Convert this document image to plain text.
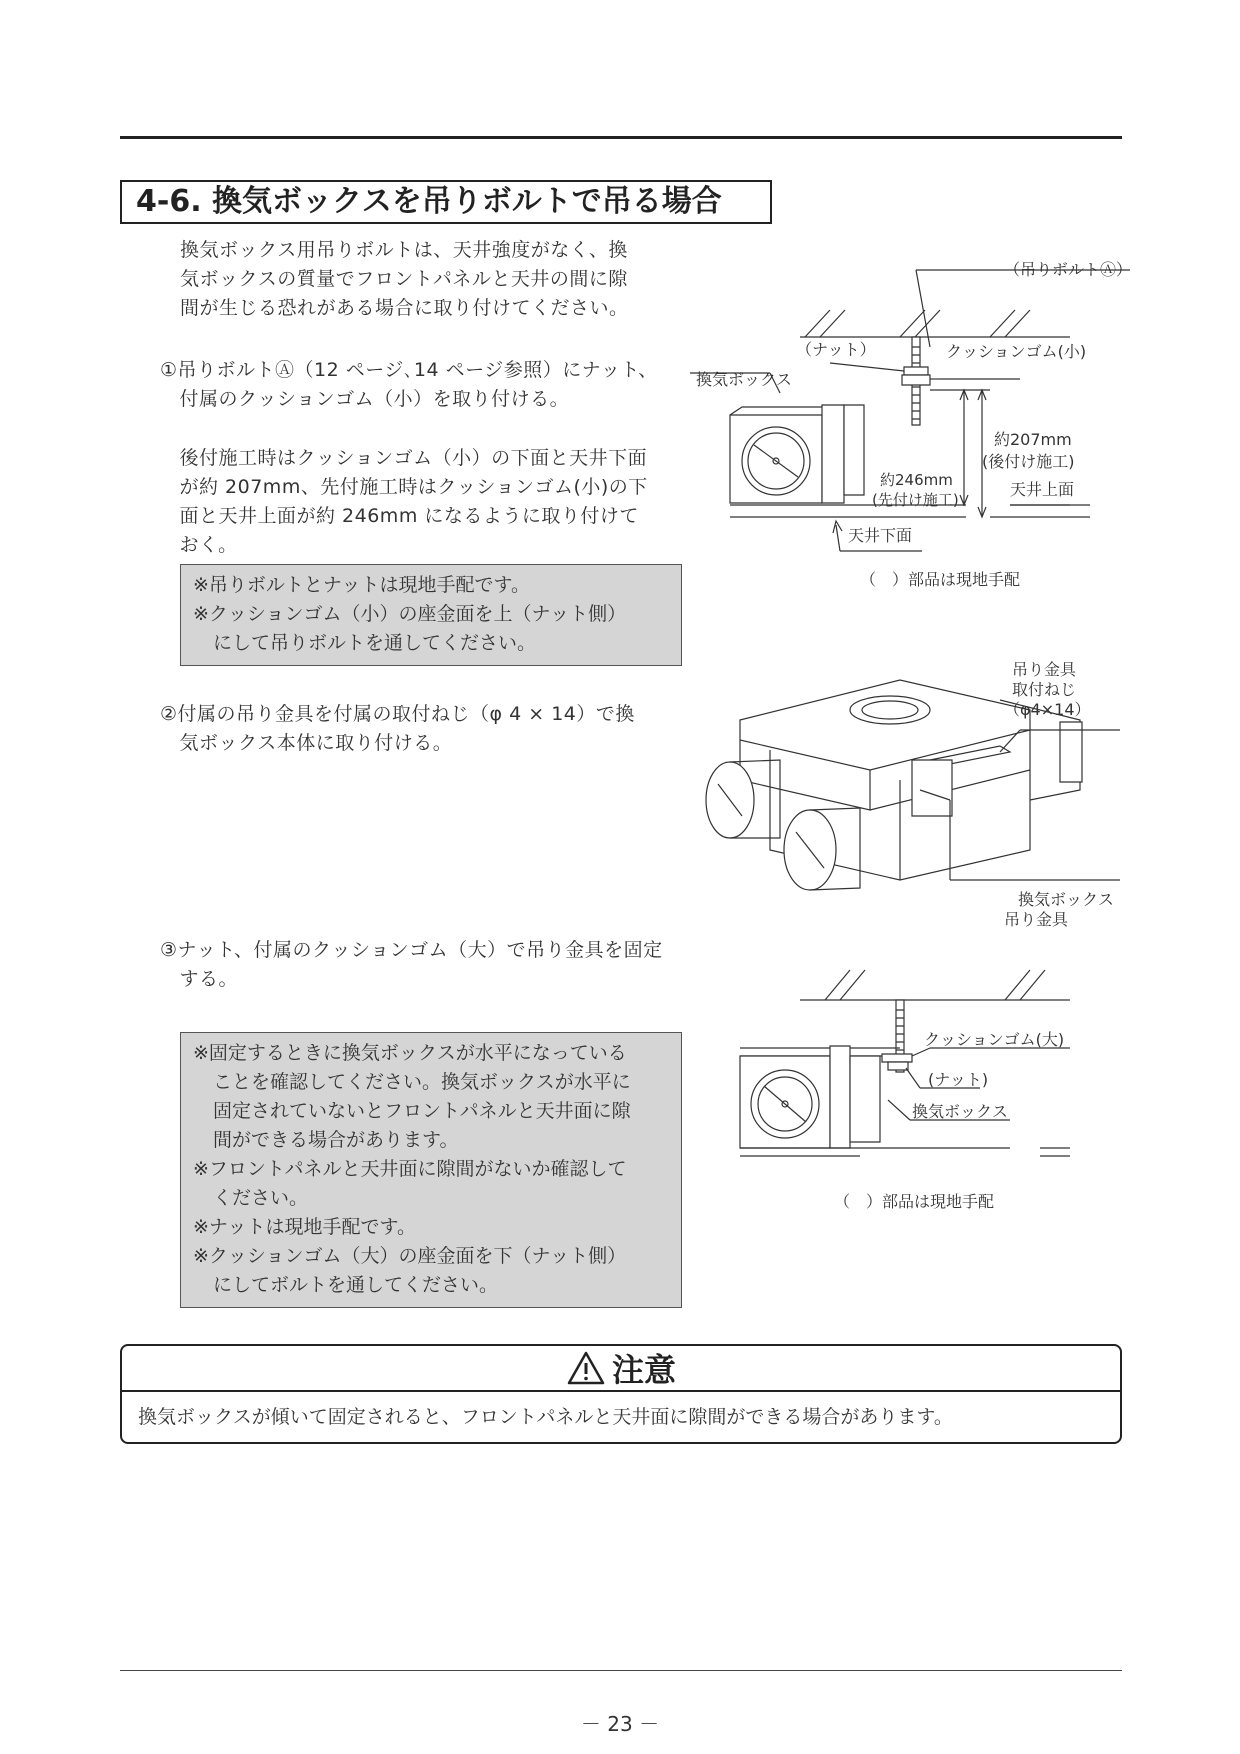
4-6. 換気ボックスを吊りボルトで吊る場合
換気ボックス用吊りボルトは、天井強度がなく、換
気ボックスの質量でフロントパネルと天井の間に隙
間が生じる恐れがある場合に取り付けてください。
①吊りボルトⒶ（12 ページ､14 ページ参照）にナット、
　付属のクッションゴム（小）を取り付ける。
　後付施工時はクッションゴム（小）の下面と天井下面
　が約 207mm、先付施工時はクッションゴム(小)の下
　面と天井上面が約 246mm になるように取り付けて
　おく。

※吊りボルトとナットは現地手配です。

※クッションゴム（小）の座金面を上（ナット側）

にして吊りボルトを通してください。

②付属の吊り金具を付属の取付ねじ（φ 4 × 14）で換
　気ボックス本体に取り付ける。
③ナット、付属のクッションゴム（大）で吊り金具を固定
　する。

※固定するときに換気ボックスが水平になっている

ことを確認してください。換気ボックスが水平に

固定されていないとフロントパネルと天井面に隙

間ができる場合があります。

※フロントパネルと天井面に隙間がないか確認して

ください。

※ナットは現地手配です。

※クッションゴム（大）の座金面を下（ナット側）

にしてボルトを通してください。

（吊りボルトⒶ）
（ナット）	クッションゴム(小)
換気ボックス
約207mm
(後付け施工)
約246mm
(先付け施工)
天井上面
天井下面
（　）部品は現地手配
吊り金具
取付ねじ
（φ4×14）
換気ボックス
吊り金具
クッションゴム(大)
(ナット)
換気ボックス
（　）部品は現地手配
注意
換気ボックスが傾いて固定されると、フロントパネルと天井面に隙間ができる場合があります。
－ 23 －
